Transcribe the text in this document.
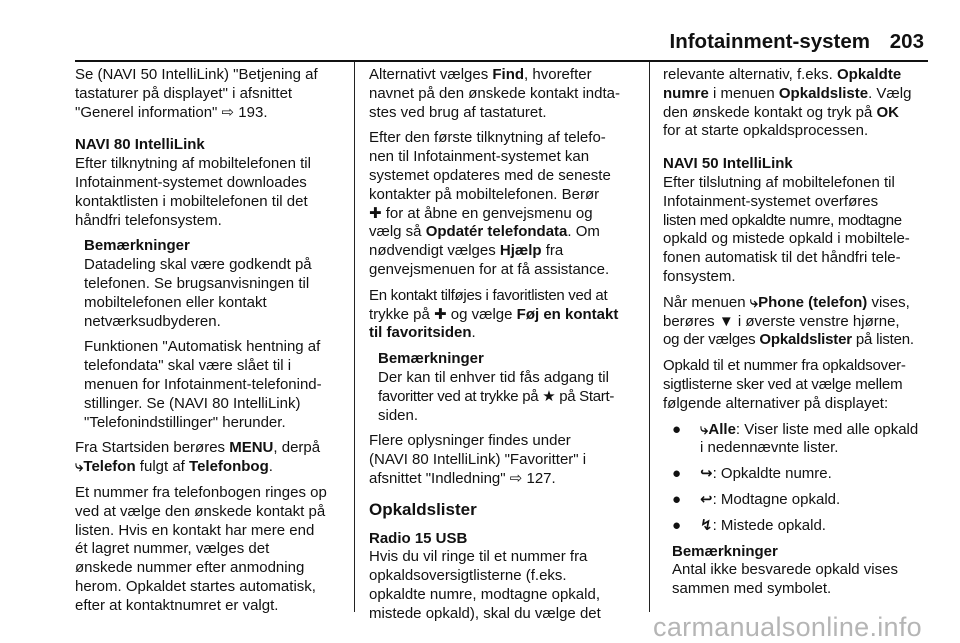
Infotainment-system 203

Se (NAVI 50 IntelliLink) "Betjening af
tastaturer på displayet" i afsnittet
"Generel information" ⇨ 193.

NAVI 80 IntelliLink
Efter tilknytning af mobiltelefonen til
Infotainment-systemet downloades
kontaktlisten i mobiltelefonen til det
håndfri telefonsystem.

Bemærkninger
Datadeling skal være godkendt på
telefonen. Se brugsanvisningen til
mobiltelefonen eller kontakt
netværksudbyderen.

Funktionen "Automatisk hentning af
telefondata" skal være slået til i
menuen for Infotainment-telefonind-
stillinger. Se (NAVI 80 IntelliLink)
"Telefonindstillinger" herunder.

Fra Startsiden berøres MENU, derpå
⤷Telefon fulgt af Telefonbog.

Et nummer fra telefonbogen ringes op
ved at vælge den ønskede kontakt på
listen. Hvis en kontakt har mere end
ét lagret nummer, vælges det
ønskede nummer efter anmodning
herom. Opkaldet startes automatisk,
efter at kontaktnumret er valgt.

Alternativt vælges Find, hvorefter
navnet på den ønskede kontakt indta-
stes ved brug af tastaturet.

Efter den første tilknytning af telefo-
nen til Infotainment-systemet kan
systemet opdateres med de seneste
kontakter på mobiltelefonen. Berør
✚ for at åbne en genvejsmenu og
vælg så Opdatér telefondata. Om
nødvendigt vælges Hjælp fra
genvejsmenuen for at få assistance.

En kontakt tilføjes i favoritlisten ved at
trykke på ✚ og vælge Føj en kontakt
til favoritsiden.

Bemærkninger
Der kan til enhver tid fås adgang til
favoritter ved at trykke på ★ på Start-
siden.

Flere oplysninger findes under
(NAVI 80 IntelliLink) "Favoritter" i
afsnittet "Indledning" ⇨ 127.

Opkaldslister

Radio 15 USB
Hvis du vil ringe til et nummer fra
opkaldsoversigtlisterne (f.eks.
opkaldte numre, modtagne opkald,
mistede opkald), skal du vælge det

relevante alternativ, f.eks. Opkaldte
numre i menuen Opkaldsliste. Vælg
den ønskede kontakt og tryk på OK
for at starte opkaldsprocessen.

NAVI 50 IntelliLink
Efter tilslutning af mobiltelefonen til
Infotainment-systemet overføres
listen med opkaldte numre, modtagne
opkald og mistede opkald i mobiltele-
fonen automatisk til det håndfri tele-
fonsystem.

Når menuen ⤷Phone (telefon) vises,
berøres ▼ i øverste venstre hjørne,
og der vælges Opkaldslister på listen.

Opkald til et nummer fra opkaldsover-
sigtlisterne sker ved at vælge mellem
følgende alternativer på displayet:

● ⤷Alle: Viser liste med alle opkald
i nedennævnte lister.
● ↪: Opkaldte numre.
● ↩: Modtagne opkald.
● ↯: Mistede opkald.

Bemærkninger
Antal ikke besvarede opkald vises
sammen med symbolet.

carmanualsonline.info
